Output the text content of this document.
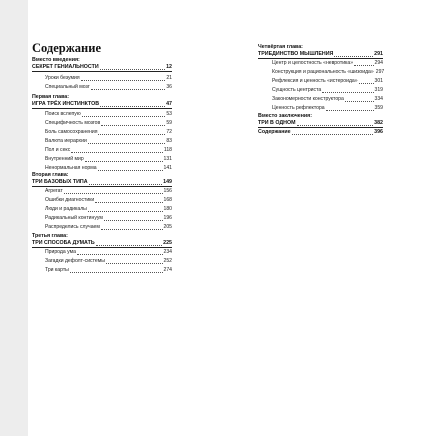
Содержание
Вместо введения:
СЕКРЕТ ГЕНИАЛЬНОСТИ	12
Уроки безумия	21
Специальный мозг	36
Первая глава:
ИГРА ТРЁХ ИНСТИНКТОВ	47
Поиск вслепую	53
Специфичность мозгов	59
Боль самосохранения	72
Валюта иерархии	83
Пол и секс	118
Внутренний мир	131
Ненормальная норма	141
Вторая глава:
ТРИ БАЗОВЫХ ТИПА	149
Агрегат	156
Ошибки диагностики	168
Люди и радикалы	180
Радикальный континуум	196
Распределись случаем	205
Третья глава:
ТРИ СПОСОБА ДУМАТЬ	225
Природа ума	234
Загадки дефолт-системы	252
Три карты	274
Четвёртая глава:
ТРИЕДИНСТВО МЫШЛЕНИЯ	291
Центр и целостность «невротика»	294
Конструкция и рациональность «шизоида» 297
Рефлексия и ценность «истероида»	301
Сущность центриста	319
Закономерности конструктора	334
Ценность рефлектора	359
Вместо заключения:
ТРИ В ОДНОМ	382
Содержание	396
